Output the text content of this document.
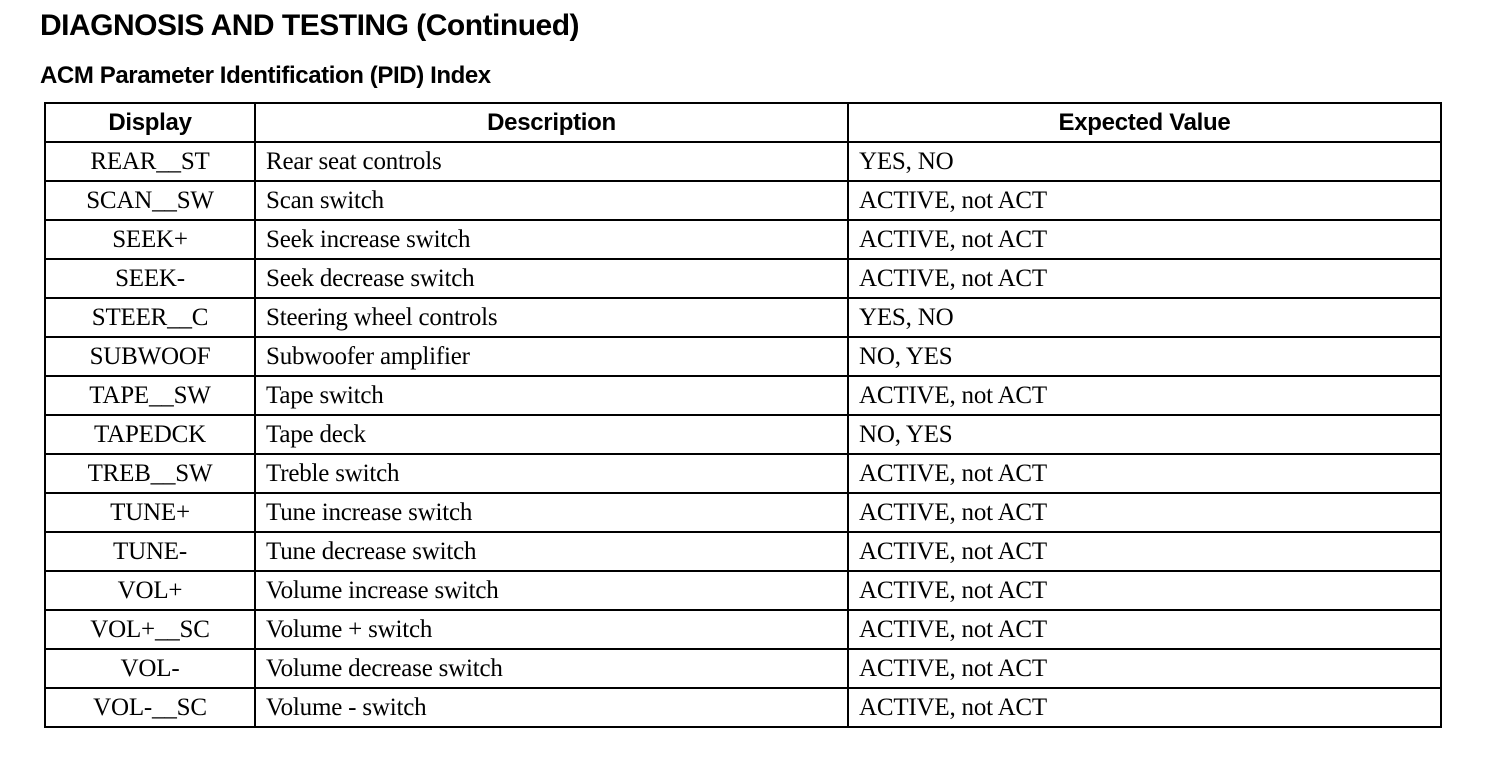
DIAGNOSIS AND TESTING (Continued)
ACM Parameter Identification (PID) Index
Display	Description	Expected Value
REAR__ST	Rear seat controls	YES, NO
SCAN__SW	Scan switch	ACTIVE, not ACT
SEEK+	Seek increase switch	ACTIVE, not ACT
SEEK-	Seek decrease switch	ACTIVE, not ACT
STEER__C	Steering wheel controls	YES, NO
SUBWOOF	Subwoofer amplifier	NO, YES
TAPE__SW	Tape switch	ACTIVE, not ACT
TAPEDCK	Tape deck	NO, YES
TREB__SW	Treble switch	ACTIVE, not ACT
TUNE+	Tune increase switch	ACTIVE, not ACT
TUNE-	Tune decrease switch	ACTIVE, not ACT
VOL+	Volume increase switch	ACTIVE, not ACT
VOL+__SC	Volume + switch	ACTIVE, not ACT
VOL-	Volume decrease switch	ACTIVE, not ACT
VOL-__SC	Volume - switch	ACTIVE, not ACT
